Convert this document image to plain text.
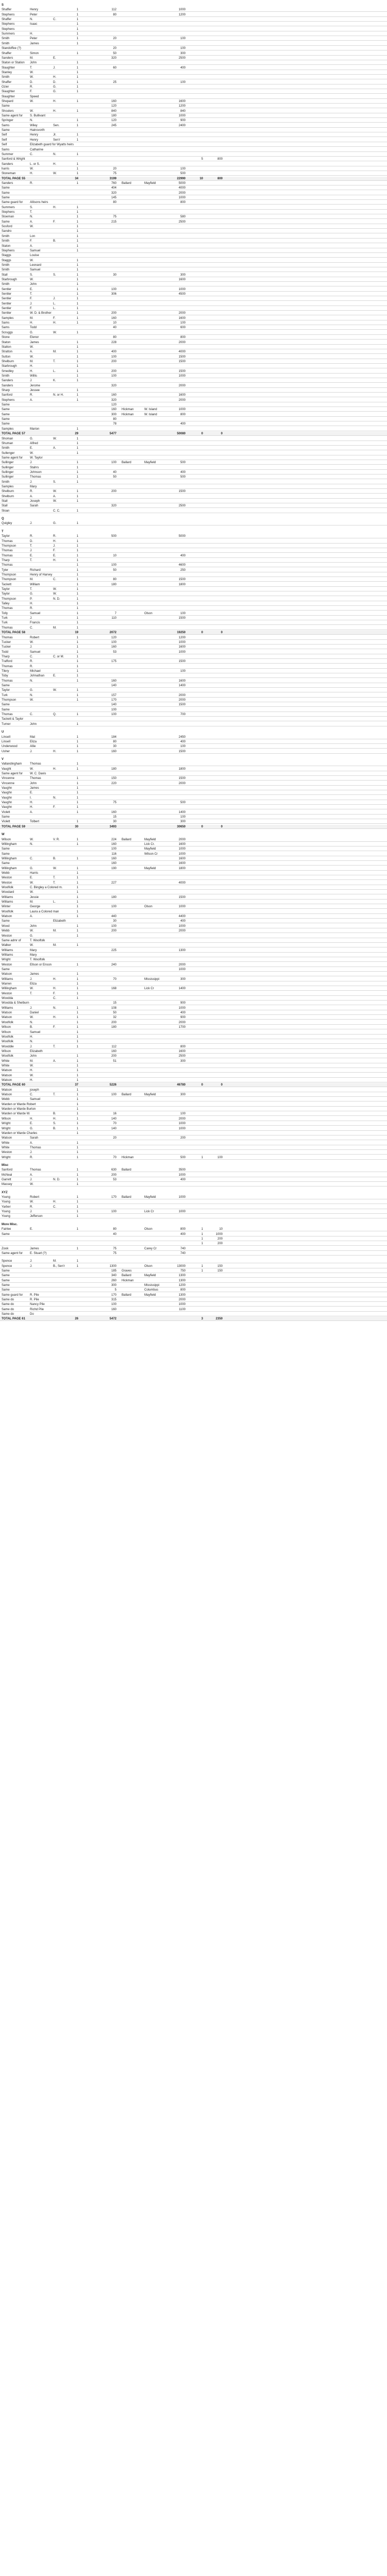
S
Shaffer	Henry	1	112	1000
Stephens	Peter	1	80	1200
Shaffer	N.	C.	1
Stephens	Isaac	1
Stephens	1
Summers	H.	1
Smith	Peter	1	20	100
Smith	James	1
Standoffee (?)	20	100
Shaffer	Simon	1	50	300
Sanders	M.	E.	320	2500
Staton or Station	John	1
Slaughter	T.	J.	1	60	400
Stanley	W.	1
Smith	W.	H.	1
Shaffer	D.	D.	1	25	100
Ozier	R.	G.	1
Slaughter	F.	G.	1
Slaughter	Speed
Shepard	W.	H.	1	160	1600
Same	120	1200
Shoulers	W.	H.	1	840	840
Same agent for	S. Bullivant	180	1000
Springer	N.	1	120	900
Sams	Wiley	Sen.	1	245	2400
Same	Hainsvorth
Self	Henry	Jr.	1
Self	Henry	Sen'r	1
Self	Elizabeth guard for Wyatts heirs
Sams	Catharine
Summer	C.	N.	1
Sanford & Wright	5	800
Sanders	L. or S.	H.	1
harris	W.	1	20	100
Stoneman	H.	W.	1	75	500
TOTAL PAGE 55	34	3199	22990	10	800
Sanders	R.	1	760 Ballard	Mayfield	5000
Same	404	4000
Same	320	2000
Same	145	1000
Same guard for	Allisons heirs	80	800
Summers	S.	H.	1
Stephens	T.	1
Stoeman	N.	1	75	580
Same	A.	F.	1	215	2500
Sosford	W.	1
Sandro	1
Smith	Lon	1
Smith	F.	B.	1
Staton	A.	1
Stephens	Samuel	1
Staggs	Louise
Staggs	W.	1
Smith	Leonard	1
Smith	Samuel	1
Stall	S.	S.	1	30	300
Starbrough	W.	1	1600
Smith	John	1
Sentler	E.	1	100	1000
Sentler	T.	1	306	4500
Sentler	F.	J.	1
Sentler	J.	L.	1
Sentler	F.	L.	1
Sentler	W. D. & Brother	1	200	2000
Samples	M.	F.	1	160	1600
Sams	H.	H.	1	10	100
Sams	Todd	40	600
Scruggs	G.	W.	1
Stone	Elenor	80	800
Staton	James	1	228	2000
Stalton	W.	1
Stratton	A.	M.	1	400	4000
Sutton	W.	1	100	1500
Shelburn	M.	T.	1	200	1500
Starbrough	H.	1
Smedley	H.	L.	1	200	1500
Smith	Willis	1	100	1000
Sanders	J.	K.	1
Sanders	Jerome	320	2000
Sharp	Jessee	1
Sanford	R.	N. or H.	1	160	1600
Stephens	A.	1	320	2000
Same	120
Same	160 Hickman	W. Island	1000
Same	300 Hickman	W. Island	800
Same	80
Same	78	400
Samples	Marion	1
TOTAL PAGE 57	29	5477	50080	0	0
Shoman	G.	W.	1
Shuman	Alfred	1
Smith	E.	A.	1
Sullenger	W.	1
Same agent for	W. Taylor
Sullinger	J.	1	100 Ballard	Mayfield	500
Sullinger	Stahrs	1
Sullinger	Johnson	1	40	400
Sullinger	Thomas	1	50	500
Smith	J.	S.	1
Samples	Mary
Shelburn	R.	W.	1	200	1500
Shelburn	A.	A.	1
Stall	Joseph	W.	1
Stall	Sarah	320	2500
Sloan	C. C.	1
Q
Quigley	J.	G.	1
T
Taylor	R.	R.	1	500	5000
Thomas	D.	H.	1
Thompson	T.	J.	1
Thomas	J.	F.	1
Thomas	E.	E.	1	10	400
Tharp	T.	H.	1
Thomas	1	100	4600
Tyler	Richard	1	50	250
Thompson	Henry of Harvey	1
Thompson	M.	C.	1	80	1500
Tackett	William	1	180	1800
Taylor	T.	W.	1
Taylor	G.	W.	1
Thompson	P.	N. D.	1
Talley	H.	1
Thomas	R.	1
Tolly	Samuel	1	7	Olson	100
Turk	J.	1	110	1500
Turk	Francis	1
Thomas	C.	M.	1
TOTAL PAGE 58	19	2072	19250	0	0
Thomas	Robert	1	120	1200
Tucker	W.	1	100	1000
Tucker	J.	1	160	1600
Todd	Samuel	1	53	1000
Tharp	C.	C. or M.	1
Trafford	R.	1	175	1500
Thomas	R.	1
Tilery	Michael	1	100
Toby	Johnathan	E.	1
Thomas	N.	1	160	1600
Same	140	1400
Taylor	G.	W.	1
Turk	N.	1	157	2000
Thompson	W.	1	170	2000
Same	140	1500
Same	100
Thomas	C.	Q.	1	100	700
Tackett & Taylor
Turner	John	1
U
Linsell	Mat	1	184	2450
Linsell	Eliza	1	80	400
Underwood	Allie	1	30	100
Usher	J.	H.	1	160	1500
V
Vallandingham	Thomas	1
Vaught	W.	H.	1	180	1800
Same agent for	W. C. Davis
Vincenne	Thomas	1	150	1500
Vincenne	John	1	220	2000
Vaughn	James	1
Vaughn	E.	1
Vaughn	I.	N.	1
Vaughn	H.	1	75	500
Vaughn	H.	F.	1
Violett	A.	1	160	1400
Same	15	100
Violett	Tolbert	1	30	300
TOTAL PAGE 59	30	3493	30650	0	0
W
Wilson	W.	V. R.	1	224 Ballard	Mayfield	2000
Willingham	N.	1	160	Lick Cr.	1600
Same	100	Mayfield	1000
Same	116	Wilson Cr	1000
Willingham	C.	B.	1	160	1600
Same	160	1600
Willingham	G.	W.	1	190	Mayfield	1800
Webb	Harris	1
Weston	E.	T.	1
Weston	W.	T.	1	227	4000
Woolfolk	C. Bingley a Colored m.	1
Woodard	W.	1
Williams	Jessie	1	180	1500
Williams	M.	L.	1
Winter	George	1	100	Olson	1000
Woolfolk	Laura a Colored man	1
Watson	A.	1	440	4400
Same	Elizabeth	30	400
Wood	John	1	100	1000
Webb	W.	M.	1	200	2000
Weston	G.	1
Same admr of	T. Woolfolk
Walker	W.	M.	1
Williams	Mary	225	1300
Williams	Mary
Wright	T. Woolfolk
Weston	Ellson or Enson	1	240	2000
Same	1000
Watson	James	1
Williams	J.	H.	1	70	Mississippi	300
Warren	Eliza	1
Willingham	W.	H.	1	168	Lick Cr	1400
Weston	T.	F.	1
Woodda	C.	1
Woodda & Shelburn	15	900
Williams	J.	N.	1	108	1000
Watson	Daniel	1	50	400
Watson	W.	H.	1	32	900
Woolfolk	N.	1	200	2000
Wilson	B.	F.	1	180	1700
Wilson	Samuel	1
Woolfolk	H.	1
Woolfolk	N.	1
Wooddie	J.	T.	1	112	800
Wilson	Elizabeth	160	1600
Woolfolk	John	1	200	2500
White	M.	A.	1	51	300
White	W.	1
Watson	H.	1
Watson	W.	1
Watson	H.	1
TOTAL PAGE 60	37	5226	46780	0	0
Watson	joseph	1
Watson	C.	T.	1	100 Ballard	Mayfield	300
Webb	Samuel	1
Warden or Warde Robert	1
Warden or Warde Burton	1
Warden or Warde W.	B.	1	16	100
Wilson	H.	H.	1	140	2000
Wright	E.	S.	1	70	1000
Wright	G.	B.	1	140	1000
Warden or Warde Charles	1
Watson	Sarah	20	200
White	A.	1
White	Thomas	1
Weston	J.	1
Wright	R.	1	70 Hickman	500	1	100
Misc
Sanford	Thomas	1	630 Ballard	3500
McNeal	A.	1	200	1000
Garrett	J.	N. D.	1	53	400
Massey	W.	1
XYZ
Young	Robert	1	170 Ballard	Mayfield	1000
Young	W.	H.	1
Yarber	R.	C.	1
Young	J.	1	100	Lick Cr	1000
Young	Jefferson	1
More Misc.
Fairlee	E.	1	80	Olson	800	1	10
Same	40	400	1	1000
1	200
1	200
Zook	James	1	75	Carey Cr	740
Same agent for	E. Stuart (?)	75	740
Spence	J.	M.	1
Spence	J.	B., Sen'r	1	1300	Olson	13000	1	150
Same	185 Graves	750	1	150
Same	340 Ballard	Mayfield	1300
Same	260 Hickman	1300
Same	300	Mississippi	1200
Same	5	Columbus	800
Same guard for	R. Pile	170 Ballard	Mayfield	1300
Same do	R. Pile	315	2000
Same do	Nancy Pile	100	1000
Same do	Richd Pile	160	1100
Same do	Do
TOTAL PAGE 61	26	5472	3	2350
